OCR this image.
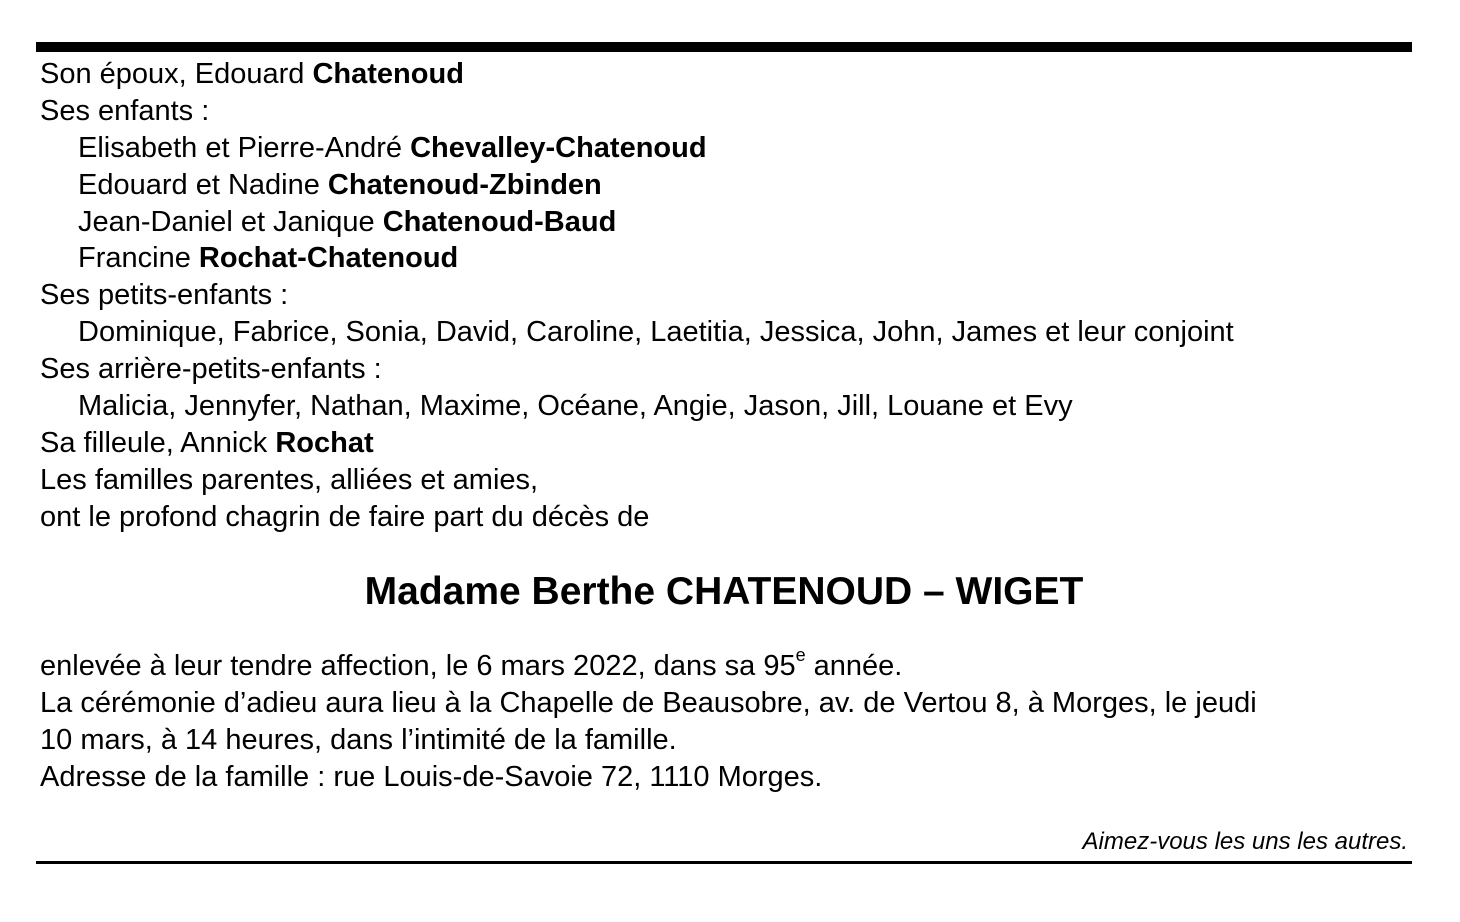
Son époux, Edouard Chatenoud
Ses enfants :
Elisabeth et Pierre-André Chevalley-Chatenoud
Edouard et Nadine Chatenoud-Zbinden
Jean-Daniel et Janique Chatenoud-Baud
Francine Rochat-Chatenoud
Ses petits-enfants :
Dominique, Fabrice, Sonia, David, Caroline, Laetitia, Jessica, John, James et leur conjoint
Ses arrière-petits-enfants :
Malicia, Jennyfer, Nathan, Maxime, Océane, Angie, Jason, Jill, Louane et Evy
Sa filleule, Annick Rochat
Les familles parentes, alliées et amies,
ont le profond chagrin de faire part du décès de
Madame Berthe CHATENOUD – WIGET
enlevée à leur tendre affection, le 6 mars 2022, dans sa 95e année.
La cérémonie d’adieu aura lieu à la Chapelle de Beausobre, av. de Vertou 8, à Morges, le jeudi
10 mars, à 14 heures, dans l’intimité de la famille.
Adresse de la famille : rue Louis-de-Savoie 72, 1110 Morges.
Aimez-vous les uns les autres.
